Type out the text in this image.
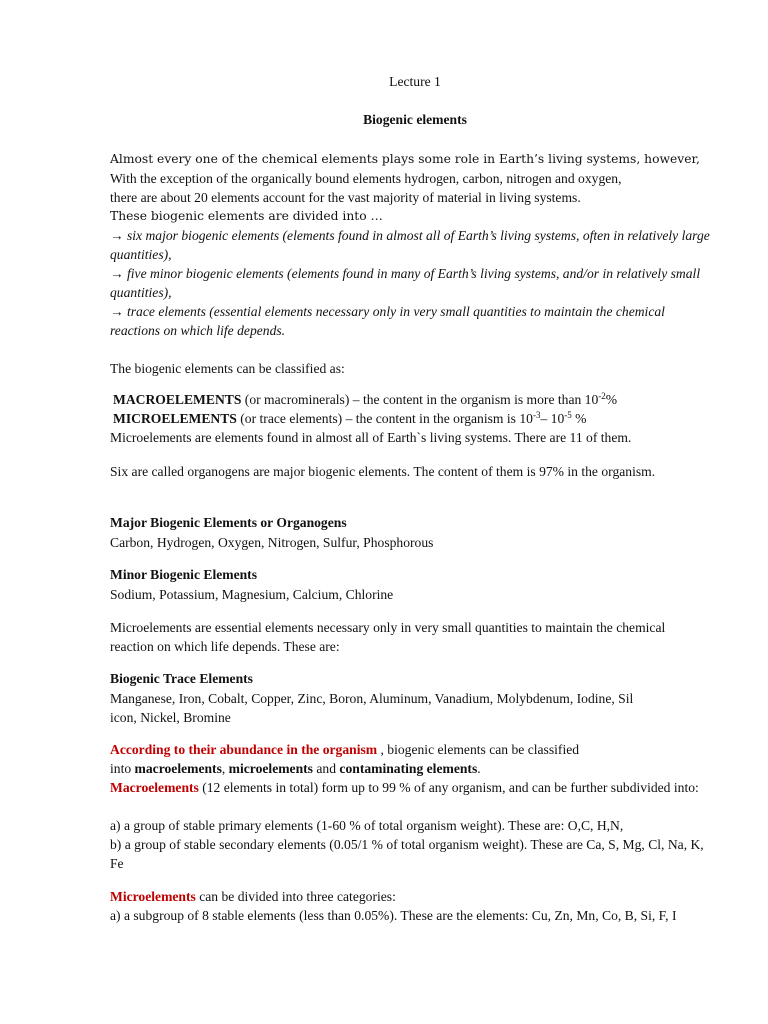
Lecture 1
Biogenic elements
Almost every one of the chemical elements plays some role in Earth’s living systems, however,
With the exception of the organically bound elements hydrogen, carbon, nitrogen and oxygen,
there are about 20 elements account for the vast majority of material in living systems.
These biogenic elements are divided into …
→ six major biogenic elements (elements found in almost all of Earth’s living systems, often in relatively large quantities),
→ five minor biogenic elements (elements found in many of Earth’s living systems, and/or in relatively small quantities),
→ trace elements (essential elements necessary only in very small quantities to maintain the chemical reactions on which life depends.
The biogenic elements can be classified as:
MACROELEMENTS (or macrominerals) – the content in the organism is more than $10^{-2}\%$
MICROELEMENTS (or trace elements) – the content in the organism is $10^{-3}-$ $10^{-5}$ %
Microelements are elements found in almost all of Earth`s living systems. There are 11 of them.
Six are called organogens are major biogenic elements. The content of them is 97% in the organism.
Major Biogenic Elements or Organogens
Carbon, Hydrogen, Oxygen, Nitrogen, Sulfur, Phosphorous
Minor Biogenic Elements
Sodium, Potassium, Magnesium, Calcium, Chlorine
Microelements are essential elements necessary only in very small quantities to maintain the chemical reaction on which life depends. These are:
Biogenic Trace Elements
Manganese, Iron, Cobalt, Copper, Zinc, Boron, Aluminum, Vanadium, Molybdenum, Iodine, Sil
icon, Nickel, Bromine
According to their abundance in the organism , biogenic elements can be classified
into macroelements, microelements and contaminating elements.
Macroelements (12 elements in total) form up to 99 % of any organism, and can be further subdivided into:
a) a group of stable primary elements (1-60 % of total organism weight). These are: O,C, H,N,
b) a group of stable secondary elements (0.05/1 % of total organism weight). These are Ca, S, Mg, Cl, Na, K, Fe
Microelements can be divided into three categories:
a) a subgroup of 8 stable elements (less than 0.05%). These are the elements: Cu, Zn, Mn, Co, B, Si, F, I
